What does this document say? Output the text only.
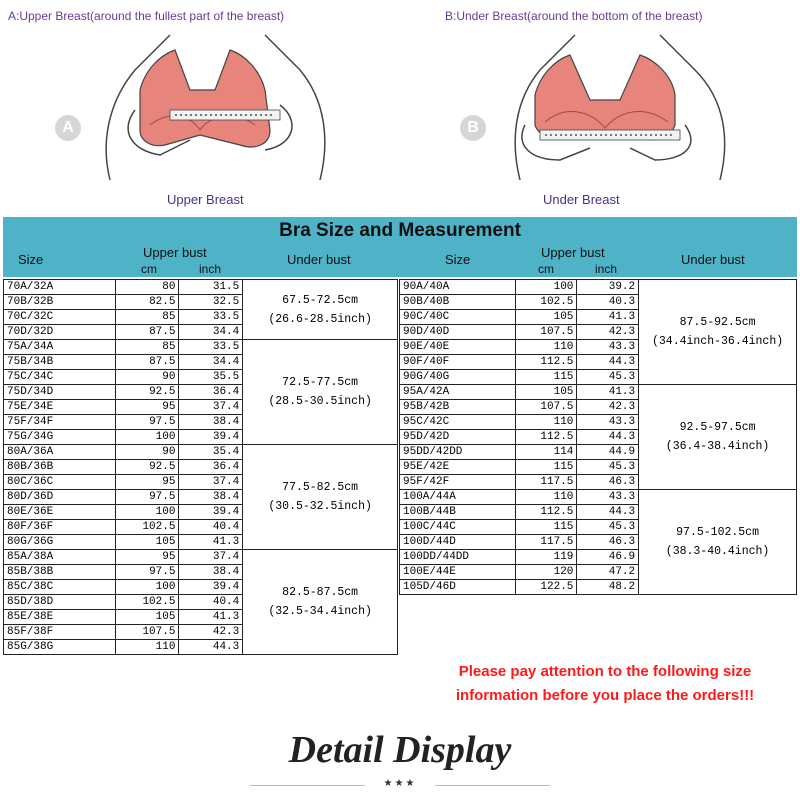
A:Upper Breast(around the fullest part of the breast)	B:Under Breast(around the bottom of the breast)
A
Upper Breast
B
Under Breast
Bra Size and Measurement
Size	Upper bust
cm	inch
Under bust	Size	Upper bust
cm	inch
Under bust
70A/32A	80	31.5	67.5-72.5cm
(26.6-28.5inch)

70B/32B	82.5	32.5	
70C/32C	85	33.5	
70D/32D	87.5	34.4	
75A/34A	85	33.5	72.5-77.5cm
(28.5-30.5inch)

75B/34B	87.5	34.4	
75C/34C	90	35.5	
75D/34D	92.5	36.4	
75E/34E	95	37.4	
75F/34F	97.5	38.4	
75G/34G	100	39.4	
80A/36A	90	35.4	77.5-82.5cm
(30.5-32.5inch)

80B/36B	92.5	36.4	
80C/36C	95	37.4	
80D/36D	97.5	38.4	
80E/36E	100	39.4	
80F/36F	102.5	40.4	
80G/36G	105	41.3	
85A/38A	95	37.4	82.5-87.5cm
(32.5-34.4inch)

85B/38B	97.5	38.4	
85C/38C	100	39.4	
85D/38D	102.5	40.4	
85E/38E	105	41.3	
85F/38F	107.5	42.3	
85G/38G	110	44.3	
90A/40A	100	39.2	87.5-92.5cm
(34.4inch-36.4inch)

90B/40B	102.5	40.3	
90C/40C	105	41.3	
90D/40D	107.5	42.3	
90E/40E	110	43.3	
90F/40F	112.5	44.3	
90G/40G	115	45.3	
95A/42A	105	41.3	92.5-97.5cm
(36.4-38.4inch)

95B/42B	107.5	42.3	
95C/42C	110	43.3	
95D/42D	112.5	44.3	
95DD/42DD	114	44.9	
95E/42E	115	45.3	
95F/42F	117.5	46.3	
100A/44A	110	43.3	97.5-102.5cm
(38.3-40.4inch)

100B/44B	112.5	44.3	
100C/44C	115	45.3	
100D/44D	117.5	46.3	
100DD/44DD	119	46.9	
100E/44E	120	47.2	
105D/46D	122.5	48.2	
Please pay attention to the following size
information before you place the orders!!!
Detail Display
★★★
